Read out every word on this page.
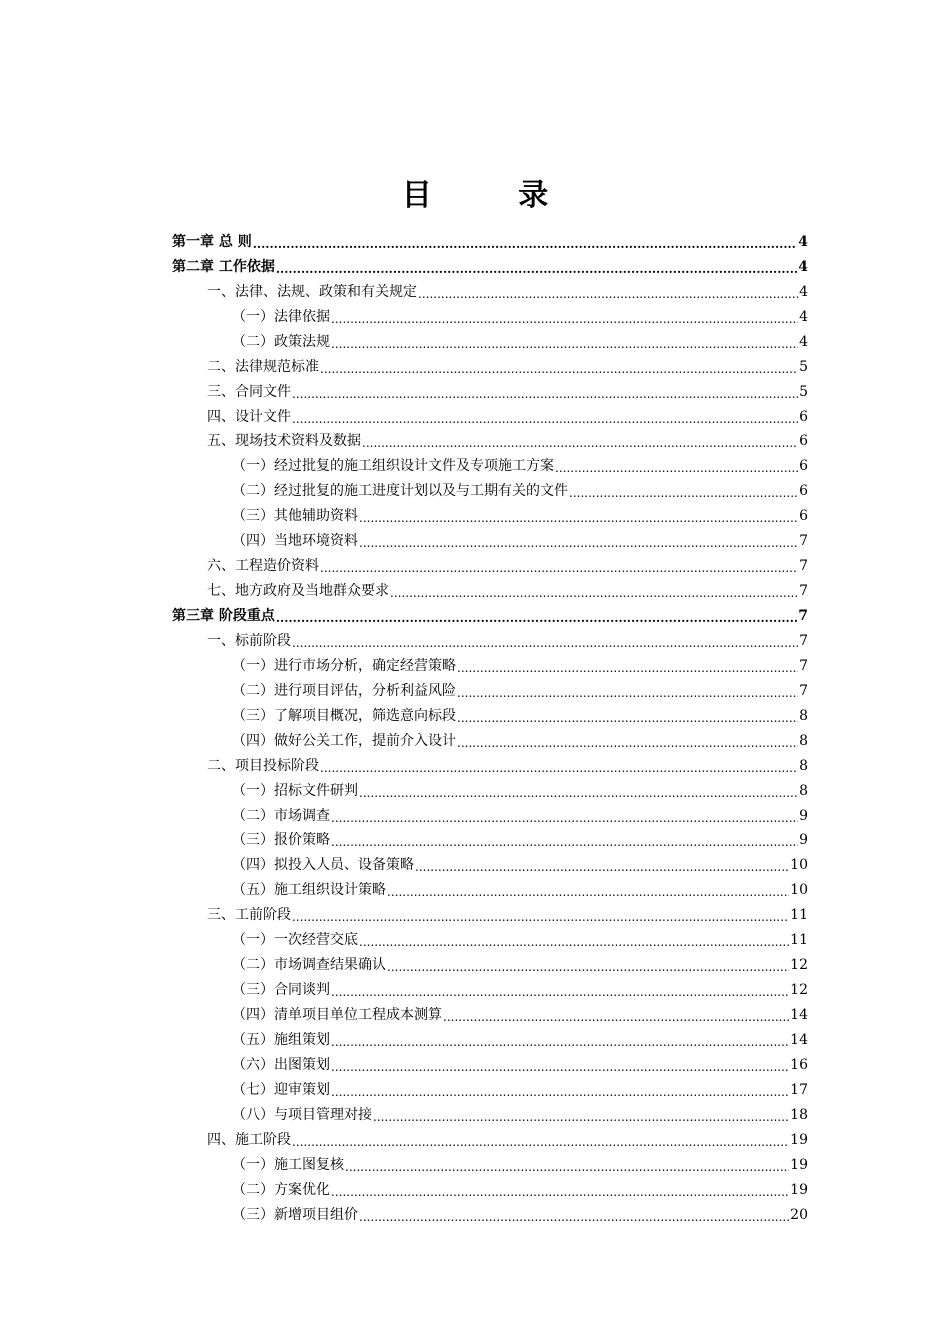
目 录
第一章 总 则 .....	4
第二章 工作依据 .....	4
一、法律、法规、政策和有关规定 .....	4
（一）法律依据 .....	4
（二）政策法规 .....	4
二、法律规范标准 .....	5
三、合同文件 .....	5
四、设计文件 .....	6
五、现场技术资料及数据 .....	6
（一）经过批复的施工组织设计文件及专项施工方案 .....	6
（二）经过批复的施工进度计划以及与工期有关的文件 .....	6
（三）其他辅助资料 .....	6
（四）当地环境资料 .....	7
六、工程造价资料 .....	7
七、地方政府及当地群众要求 .....	7
第三章 阶段重点 .....	7
一、标前阶段 .....	7
（一）进行市场分析，确定经营策略 .....	7
（二）进行项目评估，分析利益风险 .....	7
（三）了解项目概况，筛选意向标段 .....	8
（四）做好公关工作，提前介入设计 .....	8
二、项目投标阶段 .....	8
（一）招标文件研判 .....	8
（二）市场调查 .....	9
（三）报价策略 .....	9
（四）拟投入人员、设备策略 .....	10
（五）施工组织设计策略 .....	10
三、工前阶段 .....	11
（一）一次经营交底 .....	11
（二）市场调查结果确认 .....	12
（三）合同谈判 .....	12
（四）清单项目单位工程成本测算 .....	14
（五）施组策划 .....	14
（六）出图策划 .....	16
（七）迎审策划 .....	17
（八）与项目管理对接 .....	18
四、施工阶段 .....	19
（一）施工图复核 .....	19
（二）方案优化 .....	19
（三）新增项目组价 .....	20
